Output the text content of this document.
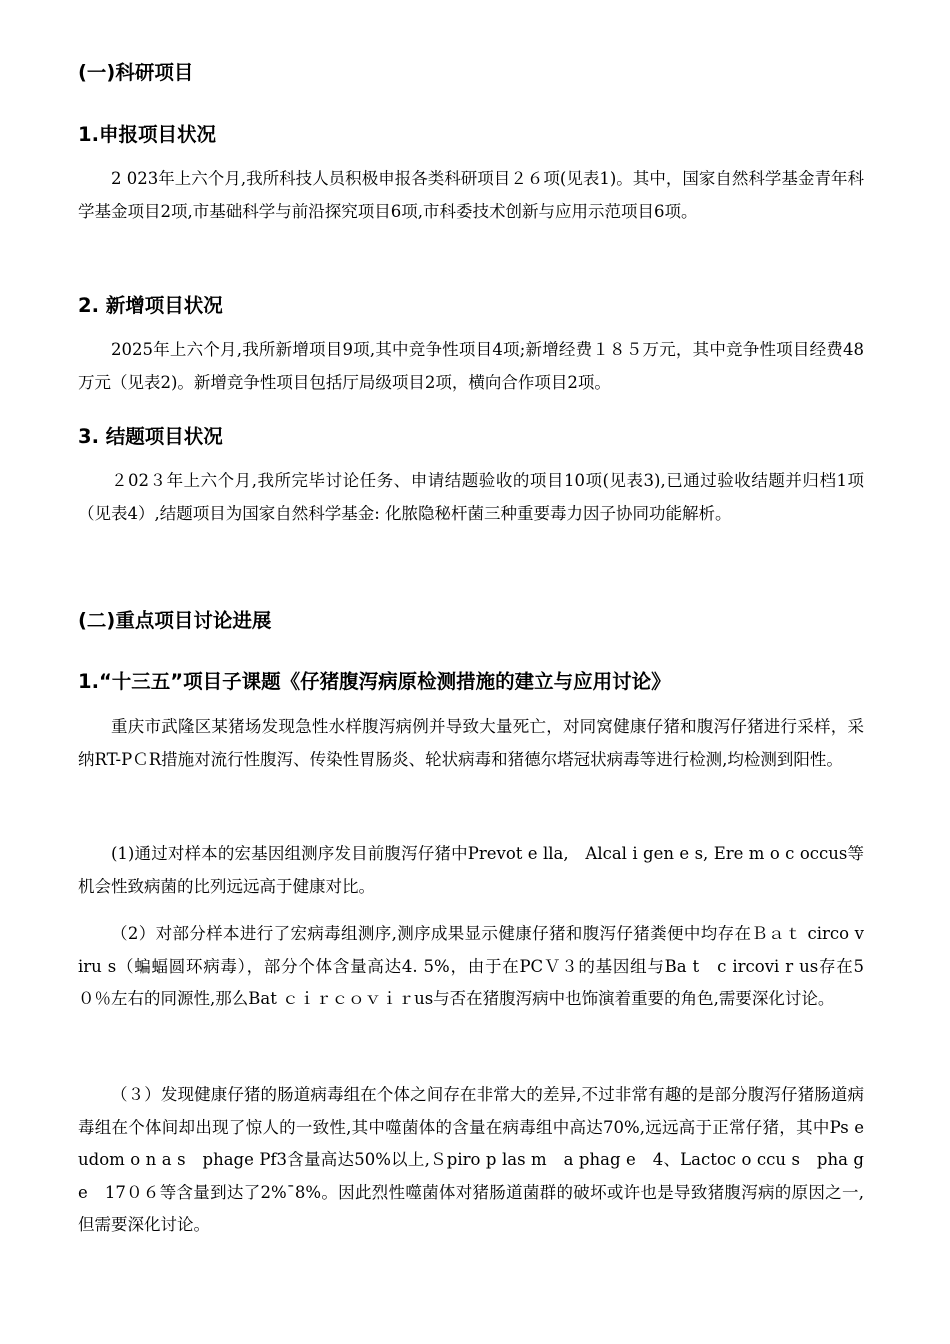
(一)科研项目
1.申报项目状况

2 023年上六个月,我所科技人员积极申报各类科研项目２６项(见表1)。其中，国家自然科学基金青年科学基金项目2项,市基础科学与前沿探究项目6项,市科委技术创新与应用示范项目6项。

2. 新增项目状况

2025年上六个月,我所新增项目9项,其中竞争性项目4项;新增经费１８５万元，其中竞争性项目经费48万元（见表2)。新增竞争性项目包括厅局级项目2项，横向合作项目2项。

3. 结题项目状况

２02３年上六个月,我所完毕讨论任务、申请结题验收的项目10项(见表3),已通过验收结题并归档1项（见表4）,结题项目为国家自然科学基金: 化脓隐秘杆菌三种重要毒力因子协同功能解析。

(二)重点项目讨论进展
1.“十三五”项目子课题《仔猪腹泻病原检测措施的建立与应用讨论》

重庆市武隆区某猪场发现急性水样腹泻病例并导致大量死亡，对同窝健康仔猪和腹泻仔猪进行采样，采纳RT-PＣR措施对流行性腹泻、传染性胃肠炎、轮状病毒和猪德尔塔冠状病毒等进行检测,均检测到阳性。

(1)通过对样本的宏基因组测序发目前腹泻仔猪中Prevot e lla,　Alcal i gen e s, Ere m o c occus等机会性致病菌的比列远远高于健康对比。

（2）对部分样本进行了宏病毒组测序,测序成果显示健康仔猪和腹泻仔猪粪便中均存在Ｂａｔ circo v iru s（蝙蝠圆环病毒），部分个体含量高达4. 5%，由于在PCＶ３的基因组与Ba t　c ircovi r us存在5０％左右的同源性,那么Bat ｃｉｒｃｏｖｉｒus与否在猪腹泻病中也饰演着重要的角色,需要深化讨论。

（３）发现健康仔猪的肠道病毒组在个体之间存在非常大的差异,不过非常有趣的是部分腹泻仔猪肠道病毒组在个体间却出现了惊人的一致性,其中噬菌体的含量在病毒组中高达70%,远远高于正常仔猪，其中Ps e udom o n a s　phage Pf3含量高达50%以上,Ｓpiro p las m　a phag e　4、Lactoc o ccu s　pha g e　17０６等含量到达了2%¯8%。因此烈性噬菌体对猪肠道菌群的破坏或许也是导致猪腹泻病的原因之一,但需要深化讨论。
